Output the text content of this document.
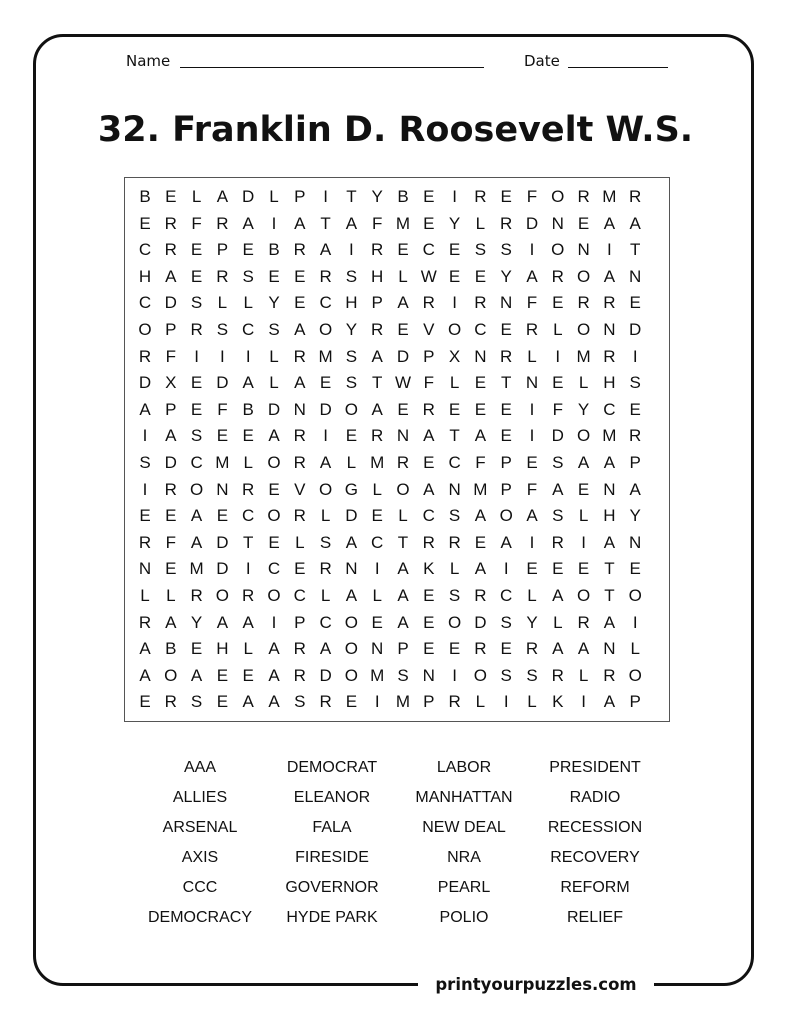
Name	Date
32. Franklin D. Roosevelt W.S.
B E L A D L P	I	T Y B E	I	R E F O R M R
E R F R A	I	A T A F M E Y L R D N E A A
C R E P E B R A	I	R E C E S S	I O N	I	T
H A E R S E E R S H L W E E Y A R O A N
C D S L L Y E C H P A R	I	R N F E R R E
O P R S C S A O Y R E V O C E R L O N D
R F	I	I	I	L R M S A D P X N R L	I M R	I
D X E D A L A E S T W F L E T N E L H S
A P E F B D N D O A E R E E E	I	F Y C E
I	A S E E A R	I	E R N A T A E	I	D O M R
S D C M L O R A L M R E C F P E S A A P
I	R O N R E V O G L O A N M P F A E N A
E E A E C O R L D E L C S A O A S L H Y
R F A D T E L S A C T R R E A	I	R	I	A N
N E M D	I	C E R N	I	A K L A	I	E E E T E
L L R O R O C L A L A E S R C L A O T O
R A Y A A	I	P C O E A E O D S Y L R A	I
A B E H L A R A O N P E E R E R A A N L
A O A E E A R D O M S N	I O S S R L R O
E R S E A A S R E	I M P R L	I	L K	I	A P
AAA	DEMOCRAT	LABOR	PRESIDENT
ALLIES	ELEANOR	MANHATTAN	RADIO
ARSENAL	FALA	NEW DEAL	RECESSION
AXIS	FIRESIDE	NRA	RECOVERY
CCC	GOVERNOR	PEARL	REFORM
DEMOCRACY	HYDE PARK	POLIO	RELIEF
printyourpuzzles.com
